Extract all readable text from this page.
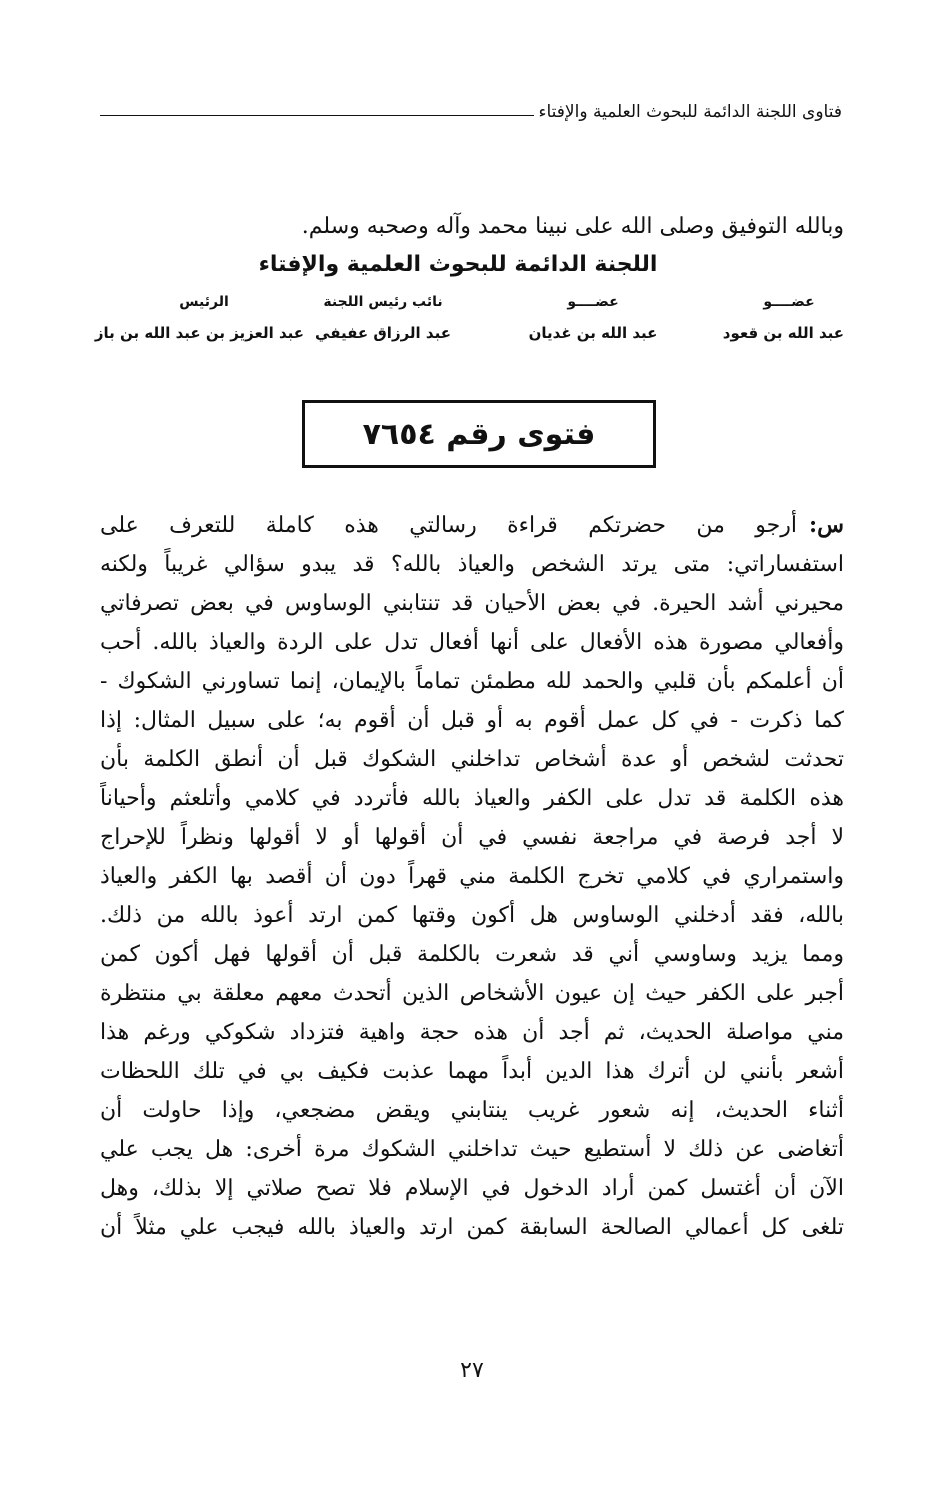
فتاوى اللجنة الدائمة للبحوث العلمية والإفتاء
وبالله التوفيق وصلى الله على نبينا محمد وآله وصحبه وسلم.
اللجنة الدائمة للبحوث العلمية والإفتاء
عضــــو
عبد الله بن قعود
عضــــو
عبد الله بن غديان
نائب رئيس اللجنة
عبد الرزاق عفيفي
الرئيس
عبد العزيز بن عبد الله بن باز
فتوى رقم ٧٦٥٤
س:أرجو من حضرتكم قراءة رسالتي هذه كاملة للتعرف على
استفساراتي: متى يرتد الشخص والعياذ بالله؟ قد يبدو سؤالي غريباً ولكنه
محيرني أشد الحيرة. في بعض الأحيان قد تنتابني الوساوس في بعض تصرفاتي
وأفعالي مصورة هذه الأفعال على أنها أفعال تدل على الردة والعياذ بالله. أحب
أن أعلمكم بأن قلبي والحمد لله مطمئن تماماً بالإيمان، إنما تساورني الشكوك -
كما ذكرت - في كل عمل أقوم به أو قبل أن أقوم به؛ على سبيل المثال: إذا
تحدثت لشخص أو عدة أشخاص تداخلني الشكوك قبل أن أنطق الكلمة بأن
هذه الكلمة قد تدل على الكفر والعياذ بالله فأتردد في كلامي وأتلعثم وأحياناً
لا أجد فرصة في مراجعة نفسي في أن أقولها أو لا أقولها ونظراً للإحراج
واستمراري في كلامي تخرج الكلمة مني قهراً دون أن أقصد بها الكفر والعياذ
بالله، فقد أدخلني الوساوس هل أكون وقتها كمن ارتد أعوذ بالله من ذلك.
ومما يزيد وساوسي أني قد شعرت بالكلمة قبل أن أقولها فهل أكون كمن
أجبر على الكفر حيث إن عيون الأشخاص الذين أتحدث معهم معلقة بي منتظرة
مني مواصلة الحديث، ثم أجد أن هذه حجة واهية فتزداد شكوكي ورغم هذا
أشعر بأنني لن أترك هذا الدين أبداً مهما عذبت فكيف بي في تلك اللحظات
أثناء الحديث، إنه شعور غريب ينتابني ويقض مضجعي، وإذا حاولت أن
أتغاضى عن ذلك لا أستطيع حيث تداخلني الشكوك مرة أخرى: هل يجب علي
الآن أن أغتسل كمن أراد الدخول في الإسلام فلا تصح صلاتي إلا بذلك، وهل
تلغى كل أعمالي الصالحة السابقة كمن ارتد والعياذ بالله فيجب علي مثلاً أن
٢٧
